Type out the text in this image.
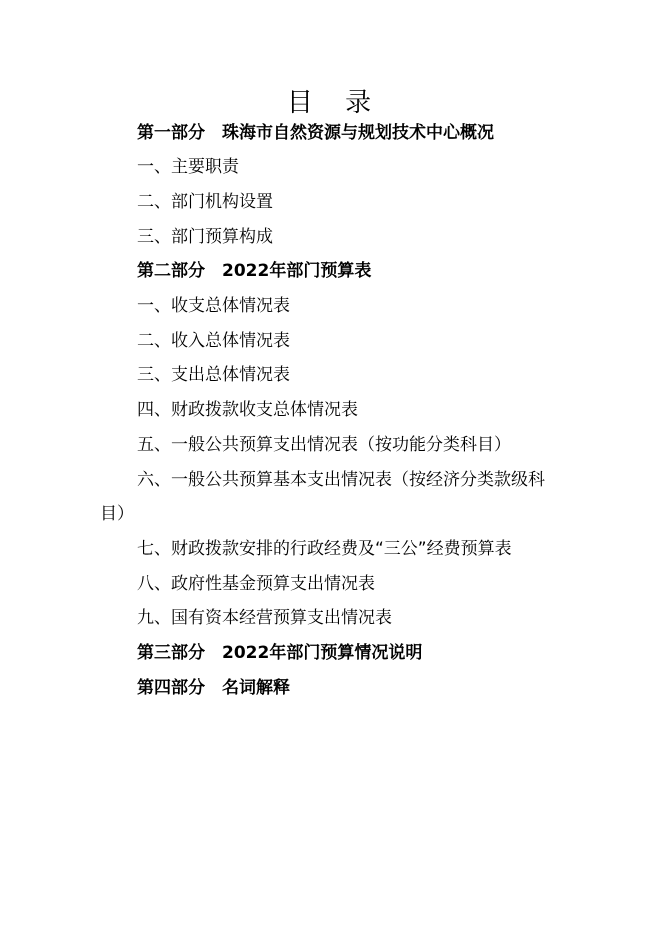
目 录
第一部分　珠海市自然资源与规划技术中心概况
一、主要职责
二、部门机构设置
三、部门预算构成
第二部分　2022年部门预算表
一、收支总体情况表
二、收入总体情况表
三、支出总体情况表
四、财政拨款收支总体情况表
五、一般公共预算支出情况表（按功能分类科目）
六、一般公共预算基本支出情况表（按经济分类款级科
目）
七、财政拨款安排的行政经费及“三公”经费预算表
八、政府性基金预算支出情况表
九、国有资本经营预算支出情况表
第三部分　2022年部门预算情况说明
第四部分　名词解释
